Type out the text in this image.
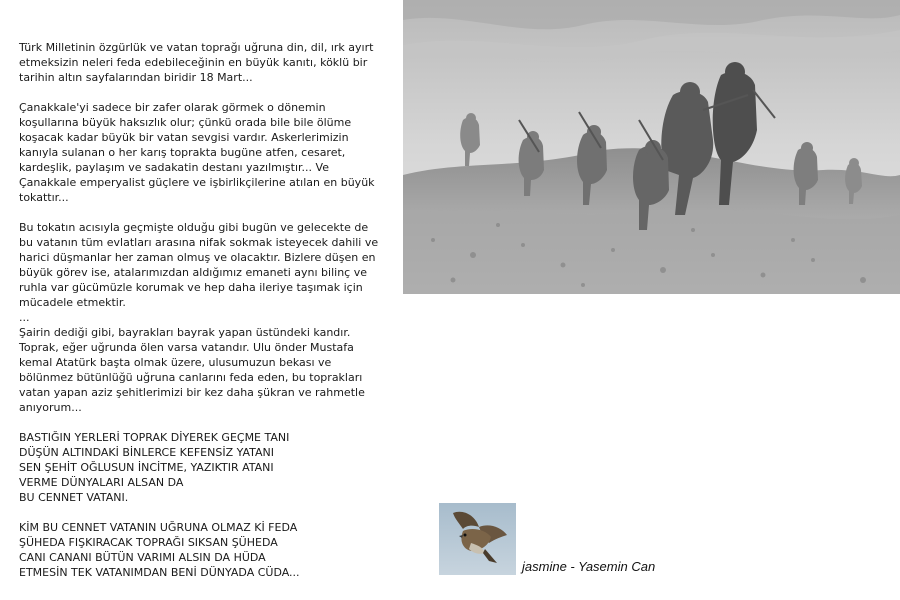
Türk Milletinin özgürlük ve vatan toprağı uğruna din, dil, ırk ayırt
etmeksizin neleri feda edebileceğinin en büyük kanıtı, köklü bir
tarihin altın sayfalarından biridir 18 Mart...

Çanakkale'yi sadece bir zafer olarak görmek o dönemin
koşullarına büyük haksızlık olur; çünkü orada bile bile ölüme
koşacak kadar büyük bir vatan sevgisi vardır. Askerlerimizin
kanıyla sulanan o her karış toprakta bugüne atfen, cesaret,
kardeşlik, paylaşım ve sadakatin destanı yazılmıştır... Ve
Çanakkale emperyalist güçlere ve işbirlikçilerine atılan en büyük
tokattır...

Bu tokatın acısıyla geçmişte olduğu gibi bugün ve gelecekte de
bu vatanın tüm evlatları arasına nifak sokmak isteyecek dahili ve
harici düşmanlar her zaman olmuş ve olacaktır. Bizlere düşen en
büyük görev ise, atalarımızdan aldığımız emaneti aynı bilinç ve
ruhla var gücümüzle korumak ve hep daha ileriye taşımak için
mücadele etmektir.

...
Şairin dediği gibi, bayrakları bayrak yapan üstündeki kandır.
Toprak, eğer uğrunda ölen varsa vatandır. Ulu önder Mustafa
kemal Atatürk başta olmak üzere, ulusumuzun bekası ve
bölünmez bütünlüğü uğruna canlarını feda eden, bu toprakları
vatan yapan aziz şehitlerimizi bir kez daha şükran ve rahmetle
anıyorum...

BASTIĞIN YERLERİ TOPRAK DİYEREK GEÇME TANI
DÜŞÜN ALTINDAKİ BİNLERCE KEFENSİZ YATANI
SEN ŞEHİT OĞLUSUN İNCİTME, YAZIKTIR ATANI
VERME DÜNYALARI ALSAN DA
BU CENNET VATANI.

KİM BU CENNET VATANIN UĞRUNA OLMAZ Kİ FEDA
ŞÜHEDA FIŞKIRACAK TOPRAĞI SIKSAN ŞÜHEDA
CANI CANANI BÜTÜN VARIMI ALSIN DA HÜDA
ETMESİN TEK VATANIMDAN BENİ DÜNYADA CÜDA...	jasmine - Yasemin Can
